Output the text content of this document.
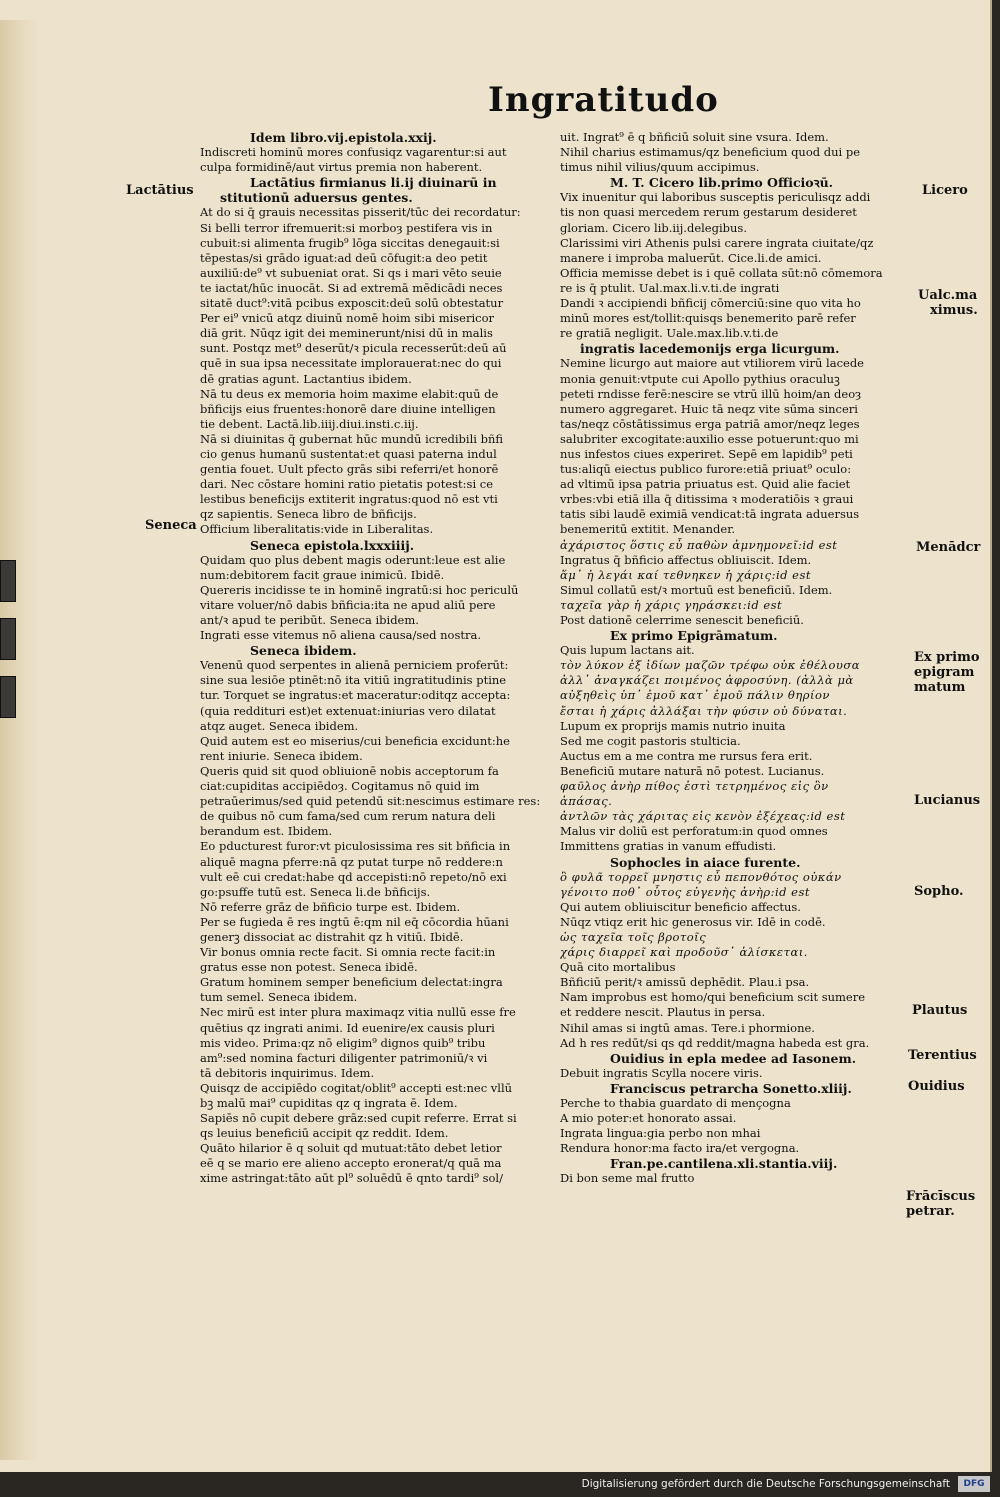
Ingratitudo
Lactātius
Seneca
Licero
Ualc.ma
ximus.
Menādcr
Ex primo
epigram
matum
Lucianus
Sopho.
Plautus
Terentius
Ouidius
Frācīscus
petrar.

Idem libro.vij.epistola.xxij.

Indiscreti hominū mores confusiqz vagarentur:si aut

culpa formidinē/aut virtus premia non haberent.

Lactātius firmianus li.ij diuinarū in

stitutionū aduersus gentes.

At do si q̄ grauis necessitas pisserit/tūc dei recordatur:

Si belli terror ifremuerit:si morboȝ pestifera vis in

cubuit:si alimenta frugib⁹ lōga siccitas denegauit:si

tēpestas/si grādo iguat:ad deū cōfugit:a deo petit

auxiliū:de⁹ vt subueniat orat. Si qs i mari vēto seuie

te iactat/hūc inuocāt. Si ad extremā mēdicādi neces

sitatē duct⁹:vitā pcibus exposcit:deū solū obtestatur

Per ei⁹ vnicū atqz diuinū nomē hoim sibi misericor

diā grit. Nūqz igit dei meminerunt/nisi dū in malis

sunt. Postqz met⁹ deserūt/ꝛ picula recesserūt:deū aū

quē in sua ipsa necessitate implorauerat:nec do qui

dē gratias agunt. Lactantius ibidem.

Nā tu deus ex memoria hoim maxime elabit:quū de

bñficijs eius fruentes:honorē dare diuine intelligen

tie debent. Lactā.lib.iiij.diui.insti.c.iij.

Nā si diuinitas q̄ gubernat hūc mundū icredibili bñfi

cio genus humanū sustentat:et quasi paterna indul

gentia fouet. Uult pfecto grās sibi referri/et honorē

dari. Nec cōstare homini ratio pietatis potest:si ce

lestibus beneficijs extiterit ingratus:quod nō est vti

qz sapientis. Seneca libro de bñficijs.

Officium liberalitatis:vide in Liberalitas.

Seneca epistola.lxxxiiij.

Quidam quo plus debent magis oderunt:leue est alie

num:debitorem facit graue inimicū. Ibidē.

Quereris incidisse te in hominē ingratū:si hoc periculū

vitare voluer/nō dabis bñficia:ita ne apud aliū pere

ant/ꝛ apud te peribūt. Seneca ibidem.

Ingrati esse vitemus nō aliena causa/sed nostra.

Seneca ibidem.

Venenū quod serpentes in alienā perniciem proferūt:

sine sua lesiōe ptinēt:nō ita vitiū ingratitudinis ptine

tur. Torquet se ingratus:et maceratur:oditqz accepta:

(quia reddituri est)et extenuat:iniurias vero dilatat

atqz auget. Seneca ibidem.

Quid autem est eo miserius/cui beneficia excidunt:he

rent iniurie. Seneca ibidem.

Queris quid sit quod obliuionē nobis acceptorum fa

ciat:cupiditas accipiēdoȝ. Cogitamus nō quid im

petraūerimus/sed quid petendū sit:nescimus estimare res:

de quibus nō cum fama/sed cum rerum natura deli

berandum est. Ibidem.

Eo pducturest furor:vt piculosissima res sit bñficia in

aliquē magna pferre:nā qz putat turpe nō reddere:n

vult eē cui credat:habe qd accepisti:nō repeto/nō exi

go:psuffe tutū est. Seneca li.de bñficijs.

Nō referre grāz de bñficio turpe est. Ibidem.

Per se fugieda ē res ingtū ē:qm nil eq̄ cōcordia hūani

generꝫ dissociat ac distrahit qz h vitiū. Ibidē.

Vir bonus omnia recte facit. Si omnia recte facit:in

gratus esse non potest. Seneca ibidē.

Gratum hominem semper beneficium delectat:ingra

tum semel. Seneca ibidem.

Nec mirū est inter plura maximaqz vitia nullū esse fre

quētius qz ingrati animi. Id euenire/ex causis pluri

mis video. Prima:qz nō eligim⁹ dignos quib⁹ tribu

am⁹:sed nomina facturi diligenter patrimoniū/ꝛ vi

tā debitoris inquirimus. Idem.

Quisqz de accipiēdo cogitat/oblit⁹ accepti est:nec vllū

bꝫ malū mai⁹ cupiditas qz q ingrata ē. Idem.

Sapiēs nō cupit debere grāz:sed cupit referre. Errat si

qs leuius beneficiū accipit qz reddit. Idem.

Quāto hilarior ē q soluit qd mutuat:tāto debet letior

eē q se mario ere alieno accepto eronerat/q quā ma

xime astringat:tāto aūt pl⁹ soluēdū ē qnto tardi⁹ sol/

uit. Ingrat⁹ ē q bñficiū soluit sine vsura. Idem.

Nihil charius estimamus/qz beneficium quod dui pe

timus nihil vilius/quum accipimus.

M. T. Cicero lib.primo Officioꝛū.

Vix inuenitur qui laboribus susceptis periculisqz addi

tis non quasi mercedem rerum gestarum desideret

gloriam. Cicero lib.iij.delegibus.

Clarissimi viri Athenis pulsi carere ingrata ciuitate/qz

manere i improba maluerūt. Cice.li.de amici.

Officia memisse debet is i quē collata sūt:nō cōmemora

re is q̄ ptulit. Ual.max.li.v.ti.de ingrati

Dandi ꝛ accipiendi bñficij cōmerciū:sine quo vita ho

minū mores est/tollit:quisqs benemerito parē refer

re gratiā negligit. Uale.max.lib.v.ti.de

ingratis lacedemonijs erga licurgum.

Nemine licurgo aut maiore aut vtiliorem virū lacede

monia genuit:vtpute cui Apollo pythius oraculuꝫ

peteti rndisse ferē:nescire se vtrū illū hoim/an deoȝ

numero aggregaret. Huic tā neqz vite sūma sinceri

tas/neqz cōstātissimus erga patriā amor/neqz leges

salubriter excogitate:auxilio esse potuerunt:quo mi

nus infestos ciues experiret. Sepē em lapidib⁹ peti

tus:aliqū eiectus publico furore:etiā priuat⁹ oculo:

ad vltimū ipsa patria priuatus est. Quid alie faciet

vrbes:vbi etiā illa q̄ ditissima ꝛ moderatiōis ꝛ graui

tatis sibi laudē eximiā vendicat:tā ingrata aduersus

benemeritū extitit. Menander.

ἀχάριστος ὅστις εὖ παθὼν ἀμνημονεῖ:id est

Ingratus q̄ bñficio affectus obliuiscit. Idem.

ἅμ᾽ ἠ λεγάι καί τεθνηκεν ἡ χάρις:id est

Simul collatū est/ꝛ mortuū est beneficiū. Idem.

ταχεῖα γὰρ ἡ χάρις γηράσκει:id est

Post dationē celerrime senescit beneficiū.

Ex primo Epigrāmatum.

Quis lupum lactans ait.

τὸν λύκον ἐξ ἰδίων μαζῶν τρέφω οὐκ ἐθέλουσα

ἀλλ᾽ ἀναγκάζει ποιμένος ἀφροσύνη. (ἀλλὰ μὰ

αὐξηθεὶς ὑπ᾽ ἐμοῦ κατ᾽ ἐμοῦ πάλιν θηρίον

ἔσται ἡ χάρις ἀλλάξαι τὴν φύσιν οὐ δύναται.

Lupum ex proprijs mamis nutrio inuita

Sed me cogit pastoris stulticia.

Auctus em a me contra me rursus fera erit.

Beneficiū mutare naturā nō potest. Lucianus.

φαῦλος ἀνὴρ πίθος ἐστὶ τετρημένος εἰς ὃν

ἁπάσας.

ἀντλῶν τὰς χάριτας εἰς κενὸν ἐξέχεας:id est

Malus vir doliū est perforatum:in quod omnes

Immittens gratias in vanum effudisti.

Sophocles in aiace furente.

ὃ φυλᾶ τορρεῖ μνηστις εὖ πεπονθότος οὐκάν

γένοιτο ποθ᾽ οὗτος εὐγενὴς ἀνὴρ:id est

Qui autem obliuiscitur beneficio affectus.

Nūqz vtiqz erit hic generosus vir. Idē in codē.

ὡς ταχεῖα τοῖς βροτοῖς

χάρις διαρρεῖ καὶ προδοῦσ᾽ ἁλίσκεται.

Quā cito mortalibus

Bñficiū perit/ꝛ amissū dephēdit. Plau.i psa.

Nam improbus est homo/qui beneficium scit sumere

et reddere nescit. Plautus in persa.

Nihil amas si ingtū amas. Tere.i phormione.

Ad h res redūt/si qs qd reddit/magna habeda est gra.

Ouidius in epla medee ad Iasonem.

Debuit ingratis Scylla nocere viris.

Franciscus petrarcha Sonetto.xliij.

Perche to thabia guardato di mençogna

A mio poter:et honorato assai.

Ingrata lingua:gia perbo non mhai

Rendura honor:ma facto ira/et vergogna.

Fran.pe.cantilena.xli.stantia.viij.

Di bon seme mal frutto

Digitalisierung gefördert durch die Deutsche Forschungsgemeinschaft	DFG
